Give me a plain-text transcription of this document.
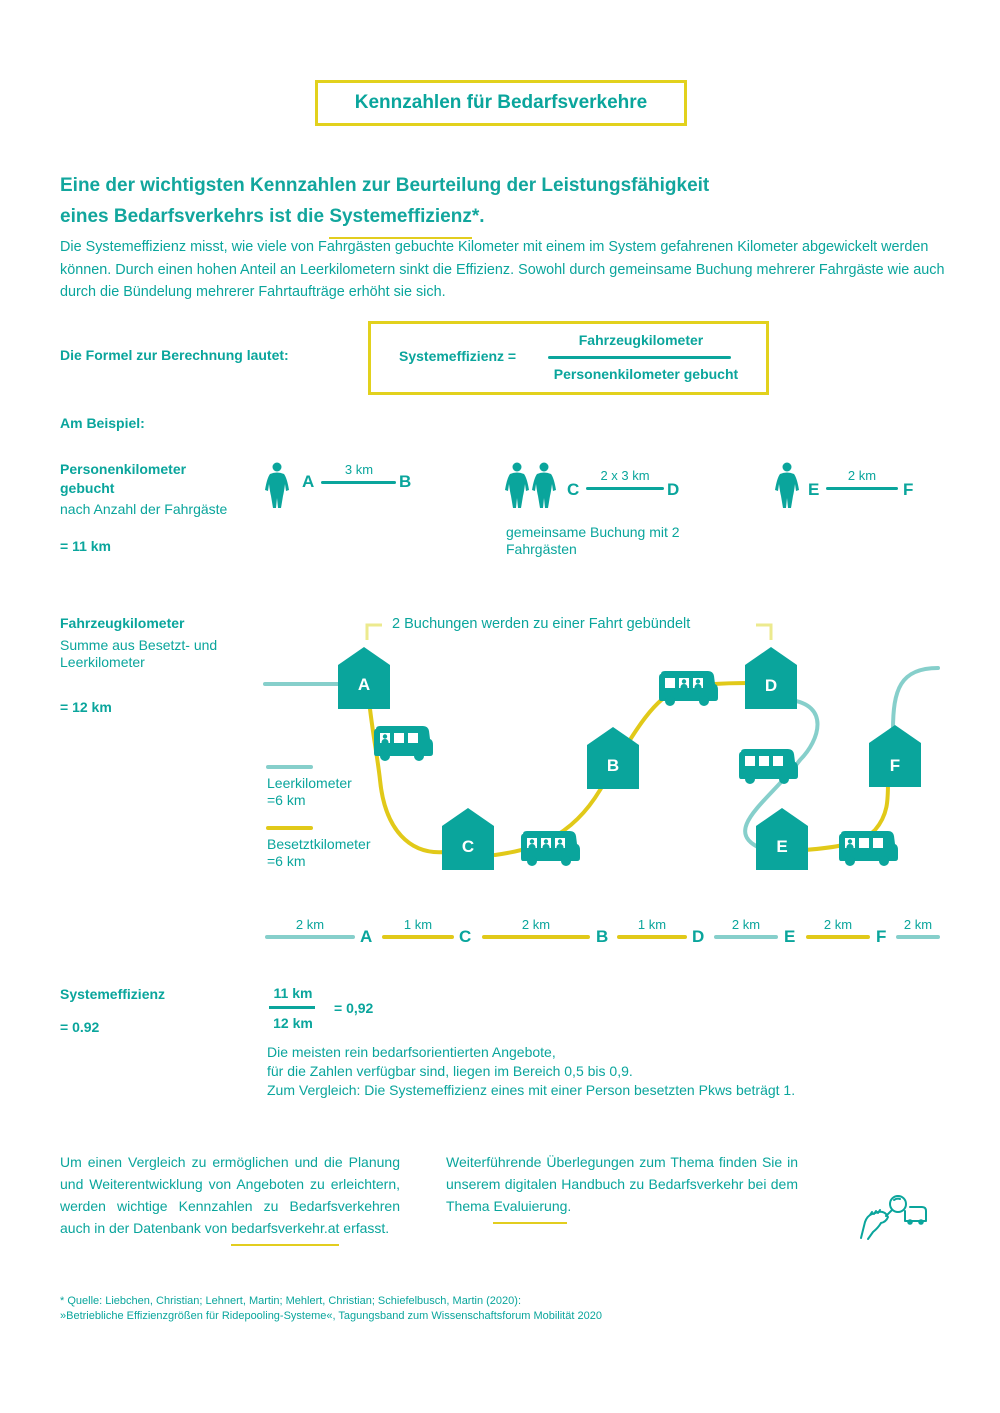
Kennzahlen für Bedarfsverkehre
Eine der wichtigsten Kennzahlen zur Beurteilung der Leistungsfähigkeit
eines Bedarfsverkehrs ist die Systemeffizienz*.
Die Systemeffizienz misst, wie viele von Fahrgästen gebuchte Kilometer mit einem im System gefahrenen Kilometer abgewickelt werden können. Durch einen hohen Anteil an Leerkilometern sinkt die Effizienz. Sowohl durch gemeinsame Buchung mehrerer Fahrgäste wie auch durch die Bündelung mehrerer Fahrtaufträge erhöht sie sich.
Die Formel zur Berechnung lautet:	Systemeffizienz =
Fahrzeugkilometer
Personenkilometer gebucht
Am Beispiel:
Personenkilometer gebucht
nach Anzahl der Fahrgäste
= 11 km
A
3 km
B	C
2 x 3 km
D
gemeinsame Buchung mit 2 Fahrgästen
E
2 km
F
Fahrzeugkilometer
Summe aus Besetzt- und Leerkilometer
= 12 km
2 Buchungen werden zu einer Fahrt gebündelt
A
B
C
D
E
F
Leerkilometer
=6 km
Besetztkilometer
=6 km
2 km
A
1 km
C
2 km
B
1 km
D
2 km
E
2 km
F
2 km
Systemeffizienz
= 0.92
11 km
12 km
= 0,92
Die meisten rein bedarfsorientierten Angebote,
für die Zahlen verfügbar sind, liegen im Bereich 0,5 bis 0,9.
Zum Vergleich: Die Systemeffizienz eines mit einer Person besetzten Pkws beträgt 1.
Um einen Vergleich zu ermöglichen und die Planung und Weiterentwicklung von Angeboten zu erleichtern, werden wichtige Kennzahlen zu Bedarfsverkehren auch in der Datenbank von bedarfsverkehr.at erfasst.
Weiterführende Überlegungen zum Thema finden Sie in unserem digitalen Handbuch zu Bedarfsverkehr bei dem Thema Evaluierung.
* Quelle: Liebchen, Christian; Lehnert, Martin; Mehlert, Christian; Schiefelbusch, Martin (2020):
»Betriebliche Effizienzgrößen für Ridepooling-Systeme«, Tagungsband zum Wissenschaftsforum Mobilität 2020
